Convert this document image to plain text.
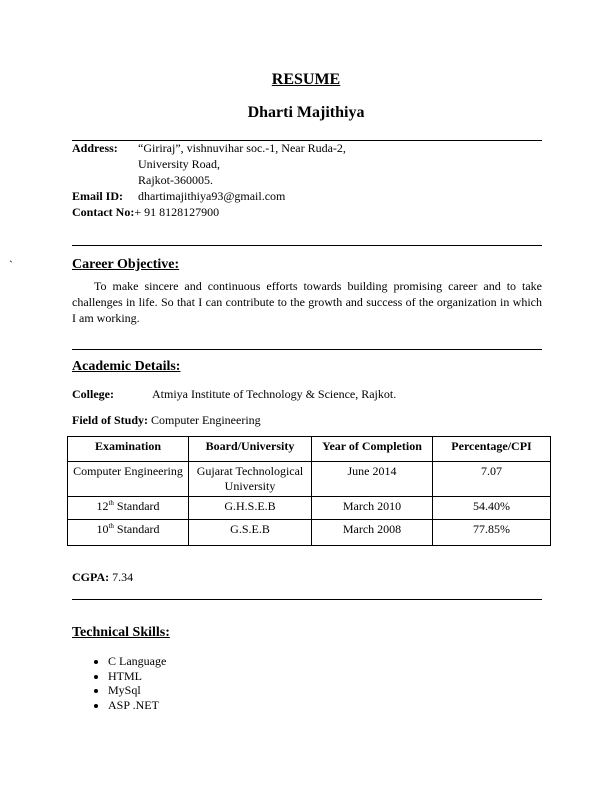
RESUME
Dharti Majithiya
Address: “Giriraj”, vishnuvihar soc.-1, Near Ruda-2,
University Road,
Rajkot-360005.
Email ID: dhartimajithiya93@gmail.com
Contact No:+ 91 8128127900
`	Career Objective:
To make sincere and continuous efforts towards building promising career and to take challenges in life. So that I can contribute to the growth and success of the organization in which I am working.
Academic Details:
College:	Atmiya Institute of Technology & Science, Rajkot.
Field of Study: Computer Engineering
Examination	Board/University	Year of Completion	Percentage/CPI
Computer Engineering	Gujarat Technological University	June 2014	7.07
12th Standard	G.H.S.E.B	March 2010	54.40%
10th Standard	G.S.E.B	March 2008	77.85%
CGPA: 7.34
Technical Skills:
• C Language
• HTML
• MySql
• ASP .NET
